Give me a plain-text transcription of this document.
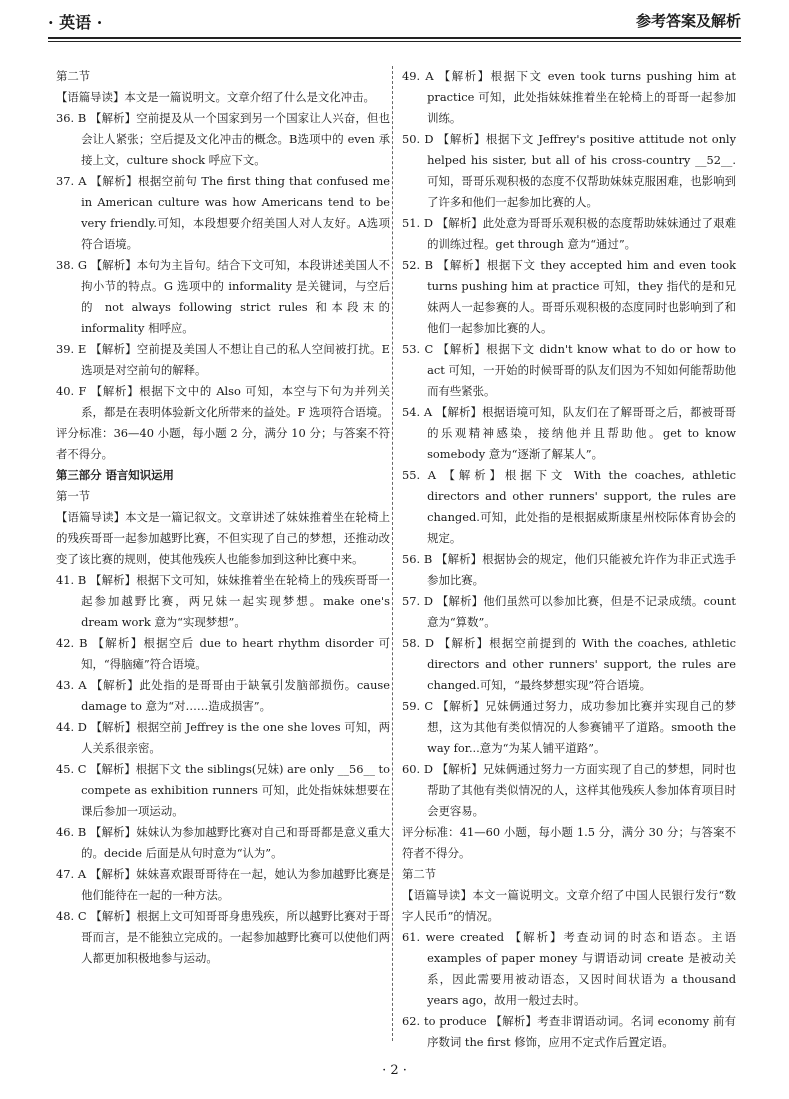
· 英语 ·	参考答案及解析

第二节

【语篇导读】本文是一篇说明文。文章介绍了什么是文化冲击。

36. B 【解析】空前提及从一个国家到另一个国家让人兴奋，但也会让人紧张；空后提及文化冲击的概念。B选项中的 even 承接上文，culture shock 呼应下文。

37. A 【解析】根据空前句 The first thing that confused me in American culture was how Americans tend to be very friendly.可知，本段想要介绍美国人对人友好。A选项符合语境。

38. G 【解析】本句为主旨句。结合下文可知，本段讲述美国人不拘小节的特点。G 选项中的 informality 是关键词，与空后的 not always following strict rules 和本段末的 informality 相呼应。

39. E 【解析】空前提及美国人不想让自己的私人空间被打扰。E 选项是对空前句的解释。

40. F 【解析】根据下文中的 Also 可知，本空与下句为并列关系，都是在表明体验新文化所带来的益处。F 选项符合语境。

评分标准：36—40 小题，每小题 2 分，满分 10 分；与答案不符者不得分。

第三部分 语言知识运用

第一节

【语篇导读】本文是一篇记叙文。文章讲述了妹妹推着坐在轮椅上的残疾哥哥一起参加越野比赛，不但实现了自己的梦想，还推动改变了该比赛的规则，使其他残疾人也能参加到这种比赛中来。

41. B 【解析】根据下文可知，妹妹推着坐在轮椅上的残疾哥哥一起参加越野比赛，两兄妹一起实现梦想。make one's dream work 意为“实现梦想”。

42. B 【解析】根据空后 due to heart rhythm disorder 可知，“得脑瘫”符合语境。

43. A 【解析】此处指的是哥哥由于缺氧引发脑部损伤。cause damage to 意为“对……造成损害”。

44. D 【解析】根据空前 Jeffrey is the one she loves 可知，两人关系很亲密。

45. C 【解析】根据下文 the siblings(兄妹) are only __56__ to compete as exhibition runners 可知，此处指妹妹想要在课后参加一项运动。

46. B 【解析】妹妹认为参加越野比赛对自己和哥哥都是意义重大的。decide 后面是从句时意为“认为”。

47. A 【解析】妹妹喜欢跟哥哥待在一起，她认为参加越野比赛是他们能待在一起的一种方法。

48. C 【解析】根据上文可知哥哥身患残疾，所以越野比赛对于哥哥而言，是不能独立完成的。一起参加越野比赛可以使他们两人都更加积极地参与运动。

49. A 【解析】根据下文 even took turns pushing him at practice 可知，此处指妹妹推着坐在轮椅上的哥哥一起参加训练。

50. D 【解析】根据下文 Jeffrey's positive attitude not only helped his sister, but all of his cross-country __52__. 可知，哥哥乐观积极的态度不仅帮助妹妹克服困难，也影响到了许多和他们一起参加比赛的人。

51. D 【解析】此处意为哥哥乐观积极的态度帮助妹妹通过了艰难的训练过程。get through 意为“通过”。

52. B 【解析】根据下文 they accepted him and even took turns pushing him at practice 可知，they 指代的是和兄妹两人一起参赛的人。哥哥乐观积极的态度同时也影响到了和他们一起参加比赛的人。

53. C 【解析】根据下文 didn't know what to do or how to act 可知，一开始的时候哥哥的队友们因为不知如何能帮助他而有些紧张。

54. A 【解析】根据语境可知，队友们在了解哥哥之后，都被哥哥的乐观精神感染，接纳他并且帮助他。get to know somebody 意为“逐渐了解某人”。

55. A 【解析】根据下文 With the coaches, athletic directors and other runners' support, the rules are changed.可知，此处指的是根据威斯康星州校际体育协会的规定。

56. B 【解析】根据协会的规定，他们只能被允许作为非正式选手参加比赛。

57. D 【解析】他们虽然可以参加比赛，但是不记录成绩。count 意为“算数”。

58. D 【解析】根据空前提到的 With the coaches, athletic directors and other runners' support, the rules are changed.可知，“最终梦想实现”符合语境。

59. C 【解析】兄妹俩通过努力，成功参加比赛并实现自己的梦想，这为其他有类似情况的人参赛铺平了道路。smooth the way for...意为“为某人铺平道路”。

60. D 【解析】兄妹俩通过努力一方面实现了自己的梦想，同时也帮助了其他有类似情况的人，这样其他残疾人参加体育项目时会更容易。

评分标准：41—60 小题，每小题 1.5 分，满分 30 分；与答案不符者不得分。

第二节

【语篇导读】本文一篇说明文。文章介绍了中国人民银行发行“数字人民币”的情况。

61. were created 【解析】考查动词的时态和语态。主语 examples of paper money 与谓语动词 create 是被动关系，因此需要用被动语态，又因时间状语为 a thousand years ago，故用一般过去时。

62. to produce 【解析】考查非谓语动词。名词 economy 前有序数词 the first 修饰，应用不定式作后置定语。

· 2 ·
